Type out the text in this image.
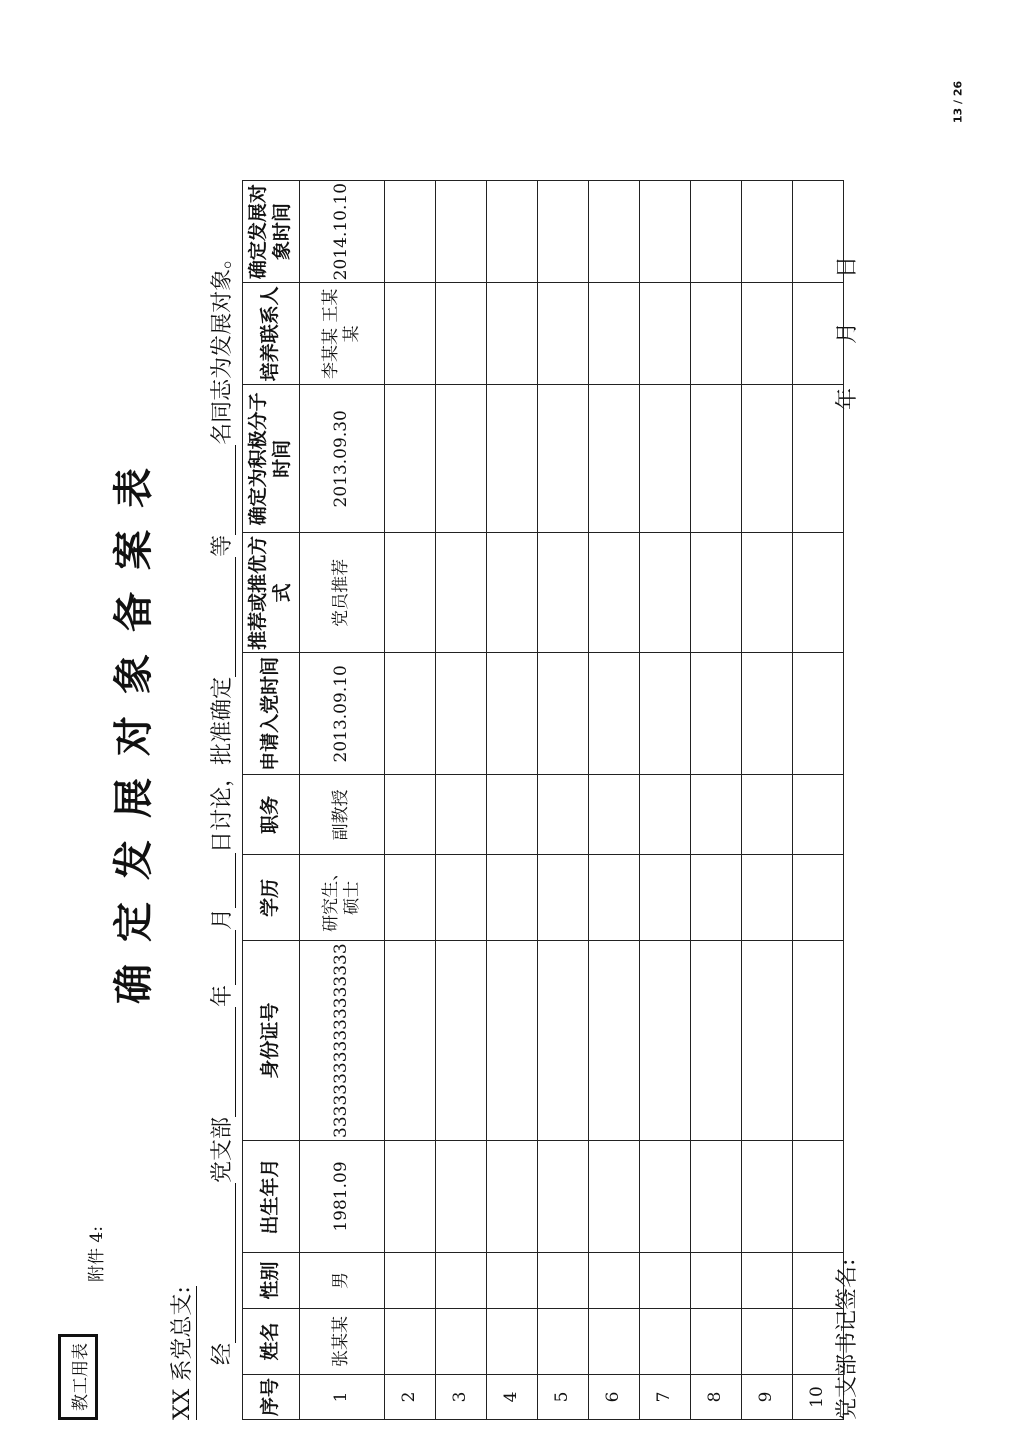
13 / 26
教工用表
附件 4:
确定发展对象备案表
XX 系党总支:
经党支部年月日讨论，批准确定等名同志为发展对象。
序号	姓名	性别	出生年月	身份证号	学历	职务	申请入党时间	推荐或推优方式	确定为积极分子时间	培养联系人	确定发展对象时间
1	张某某	男	1981.09	333333333333333333	研究生、硕士	副教授	2013.09.10	党员推荐	2013.09.30	李某某 王某某	2014.10.10
2											
3											
4											
5											
6											
7											
8											
9											
10											党支部书记签名:
年　　月　　日
